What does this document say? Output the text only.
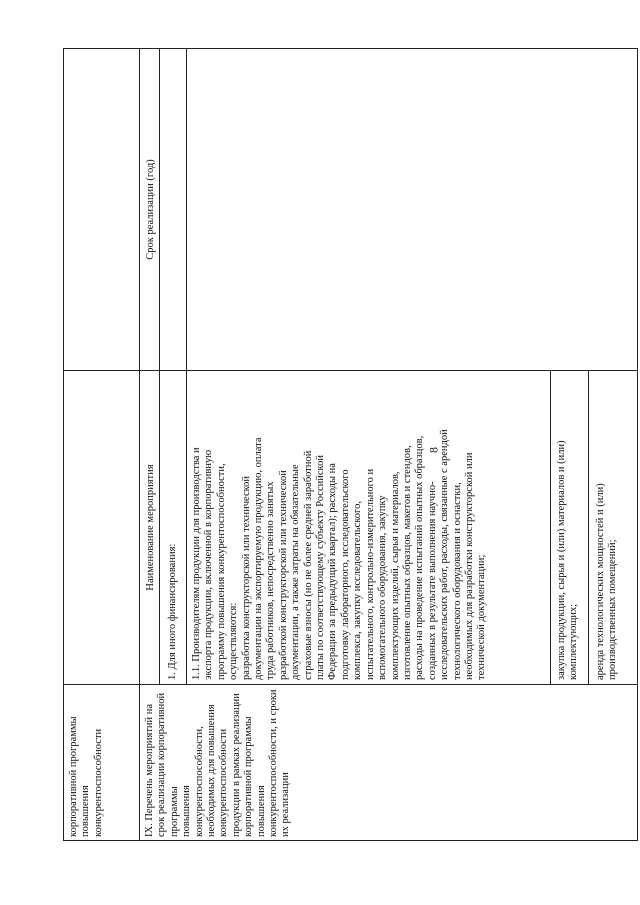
8
корпоративной программы повышения конкурентоспособности
Наименование мероприятия
Срок реализации (год)
IX. Перечень мероприятий на срок реализации корпоративной программы повышения конкурентоспособности, необходимых для повышения конкурентоспособности продукции в рамках реализации корпоративной программы повышения конкурентоспособности, и сроки их реализации
1. Для иного финансирования:	1.1. Производителям продукции для производства и экспорта продукции, включенной в корпоративную программу повышения конкурентоспособности, осуществляются: разработка конструкторской или технической документации на экспортируемую продукцию, оплата труда работников, непосредственно занятых разработкой конструкторской или технической документации, а также затраты на обязательные страховые взносы (но не более средней заработной платы по соответствующему субъекту Российской Федерации за предыдущий квартал); расходы на подготовку лабораторного, исследовательского комплекса, закупку исследовательского, испытательного, контрольно-измерительного и вспомогательного оборудования, закупку комплектующих изделий, сырья и материалов, изготовление опытных образцов, макетов и стендов, расходы на проведение испытаний опытных образцов, созданных в результате выполнения научно- исследовательских работ, расходы, связанные с арендой технологического оборудования и оснастки, необходимых для разработки конструкторской или технической документации;	закупка продукции, сырья и (или) материалов и (или) комплектующих; аренда технологических мощностей и (или) производственных помещений;
